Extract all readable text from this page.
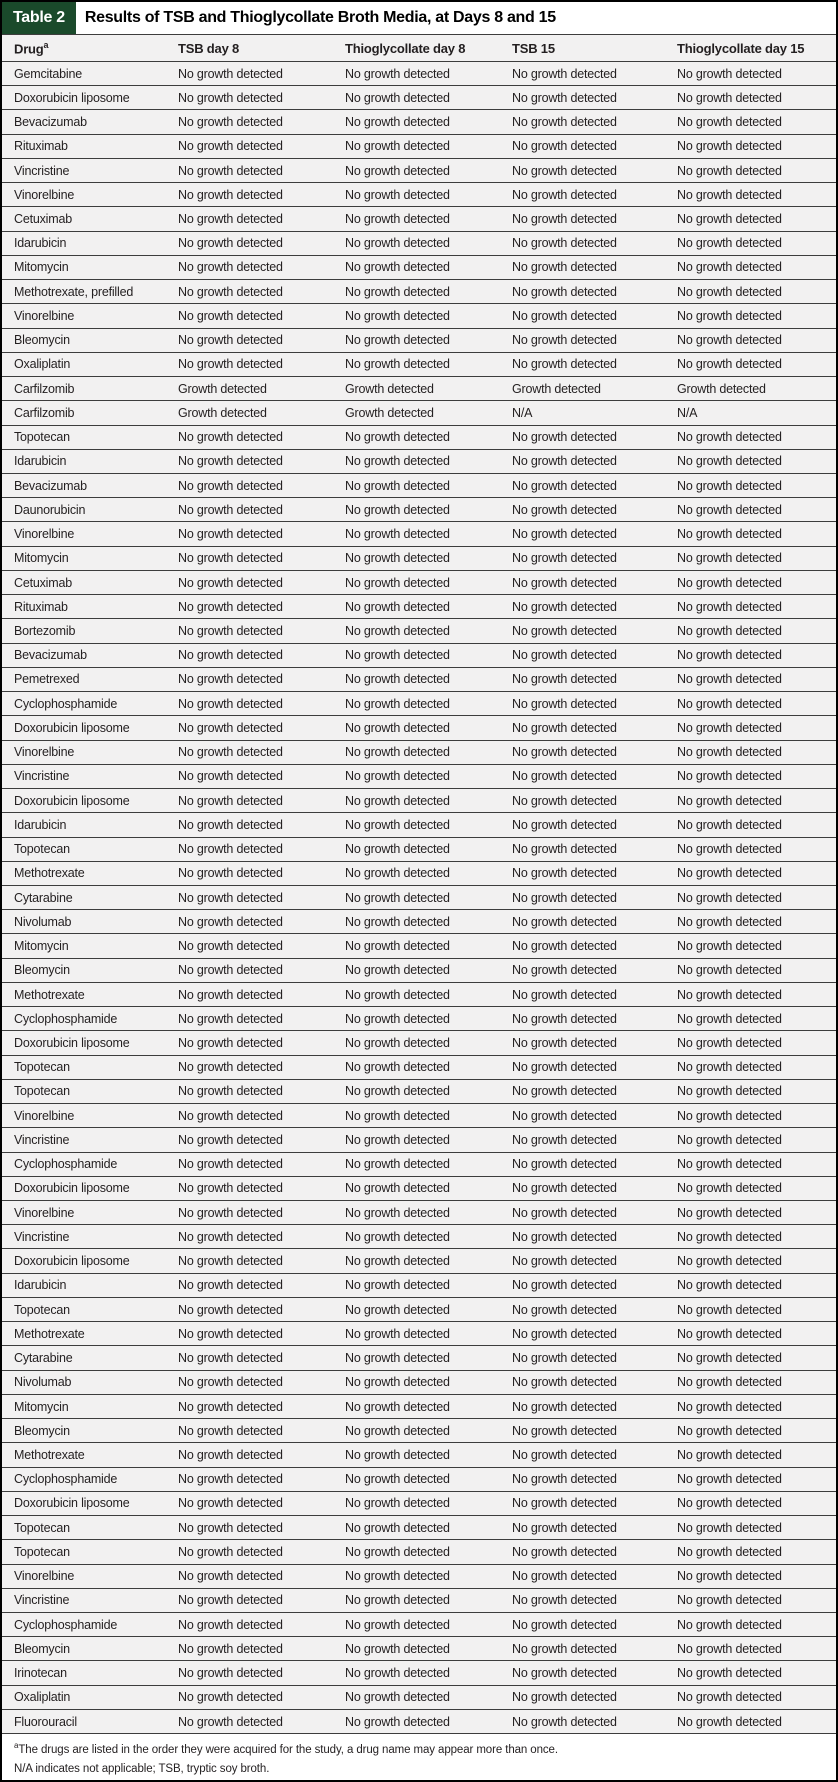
Table 2	Results of TSB and Thioglycollate Broth Media, at Days 8 and 15
Drug$^a$	TSB day 8	Thioglycollate day 8	TSB 15	Thioglycollate day 15
Gemcitabine	No growth detected	No growth detected	No growth detected	No growth detected
Doxorubicin liposome	No growth detected	No growth detected	No growth detected	No growth detected
Bevacizumab	No growth detected	No growth detected	No growth detected	No growth detected
Rituximab	No growth detected	No growth detected	No growth detected	No growth detected
Vincristine	No growth detected	No growth detected	No growth detected	No growth detected
Vinorelbine	No growth detected	No growth detected	No growth detected	No growth detected
Cetuximab	No growth detected	No growth detected	No growth detected	No growth detected
Idarubicin	No growth detected	No growth detected	No growth detected	No growth detected
Mitomycin	No growth detected	No growth detected	No growth detected	No growth detected
Methotrexate, prefilled	No growth detected	No growth detected	No growth detected	No growth detected
Vinorelbine	No growth detected	No growth detected	No growth detected	No growth detected
Bleomycin	No growth detected	No growth detected	No growth detected	No growth detected
Oxaliplatin	No growth detected	No growth detected	No growth detected	No growth detected
Carfilzomib	Growth detected	Growth detected	Growth detected	Growth detected
Carfilzomib	Growth detected	Growth detected	N/A	N/A
Topotecan	No growth detected	No growth detected	No growth detected	No growth detected
Idarubicin	No growth detected	No growth detected	No growth detected	No growth detected
Bevacizumab	No growth detected	No growth detected	No growth detected	No growth detected
Daunorubicin	No growth detected	No growth detected	No growth detected	No growth detected
Vinorelbine	No growth detected	No growth detected	No growth detected	No growth detected
Mitomycin	No growth detected	No growth detected	No growth detected	No growth detected
Cetuximab	No growth detected	No growth detected	No growth detected	No growth detected
Rituximab	No growth detected	No growth detected	No growth detected	No growth detected
Bortezomib	No growth detected	No growth detected	No growth detected	No growth detected
Bevacizumab	No growth detected	No growth detected	No growth detected	No growth detected
Pemetrexed	No growth detected	No growth detected	No growth detected	No growth detected
Cyclophosphamide	No growth detected	No growth detected	No growth detected	No growth detected
Doxorubicin liposome	No growth detected	No growth detected	No growth detected	No growth detected
Vinorelbine	No growth detected	No growth detected	No growth detected	No growth detected
Vincristine	No growth detected	No growth detected	No growth detected	No growth detected
Doxorubicin liposome	No growth detected	No growth detected	No growth detected	No growth detected
Idarubicin	No growth detected	No growth detected	No growth detected	No growth detected
Topotecan	No growth detected	No growth detected	No growth detected	No growth detected
Methotrexate	No growth detected	No growth detected	No growth detected	No growth detected
Cytarabine	No growth detected	No growth detected	No growth detected	No growth detected
Nivolumab	No growth detected	No growth detected	No growth detected	No growth detected
Mitomycin	No growth detected	No growth detected	No growth detected	No growth detected
Bleomycin	No growth detected	No growth detected	No growth detected	No growth detected
Methotrexate	No growth detected	No growth detected	No growth detected	No growth detected
Cyclophosphamide	No growth detected	No growth detected	No growth detected	No growth detected
Doxorubicin liposome	No growth detected	No growth detected	No growth detected	No growth detected
Topotecan	No growth detected	No growth detected	No growth detected	No growth detected
Topotecan	No growth detected	No growth detected	No growth detected	No growth detected
Vinorelbine	No growth detected	No growth detected	No growth detected	No growth detected
Vincristine	No growth detected	No growth detected	No growth detected	No growth detected
Cyclophosphamide	No growth detected	No growth detected	No growth detected	No growth detected
Doxorubicin liposome	No growth detected	No growth detected	No growth detected	No growth detected
Vinorelbine	No growth detected	No growth detected	No growth detected	No growth detected
Vincristine	No growth detected	No growth detected	No growth detected	No growth detected
Doxorubicin liposome	No growth detected	No growth detected	No growth detected	No growth detected
Idarubicin	No growth detected	No growth detected	No growth detected	No growth detected
Topotecan	No growth detected	No growth detected	No growth detected	No growth detected
Methotrexate	No growth detected	No growth detected	No growth detected	No growth detected
Cytarabine	No growth detected	No growth detected	No growth detected	No growth detected
Nivolumab	No growth detected	No growth detected	No growth detected	No growth detected
Mitomycin	No growth detected	No growth detected	No growth detected	No growth detected
Bleomycin	No growth detected	No growth detected	No growth detected	No growth detected
Methotrexate	No growth detected	No growth detected	No growth detected	No growth detected
Cyclophosphamide	No growth detected	No growth detected	No growth detected	No growth detected
Doxorubicin liposome	No growth detected	No growth detected	No growth detected	No growth detected
Topotecan	No growth detected	No growth detected	No growth detected	No growth detected
Topotecan	No growth detected	No growth detected	No growth detected	No growth detected
Vinorelbine	No growth detected	No growth detected	No growth detected	No growth detected
Vincristine	No growth detected	No growth detected	No growth detected	No growth detected
Cyclophosphamide	No growth detected	No growth detected	No growth detected	No growth detected
Bleomycin	No growth detected	No growth detected	No growth detected	No growth detected
Irinotecan	No growth detected	No growth detected	No growth detected	No growth detected
Oxaliplatin	No growth detected	No growth detected	No growth detected	No growth detected
Fluorouracil	No growth detected	No growth detected	No growth detected	No growth detected
$^a$The drugs are listed in the order they were acquired for the study, a drug name may appear more than once.
N/A indicates not applicable; TSB, tryptic soy broth.
